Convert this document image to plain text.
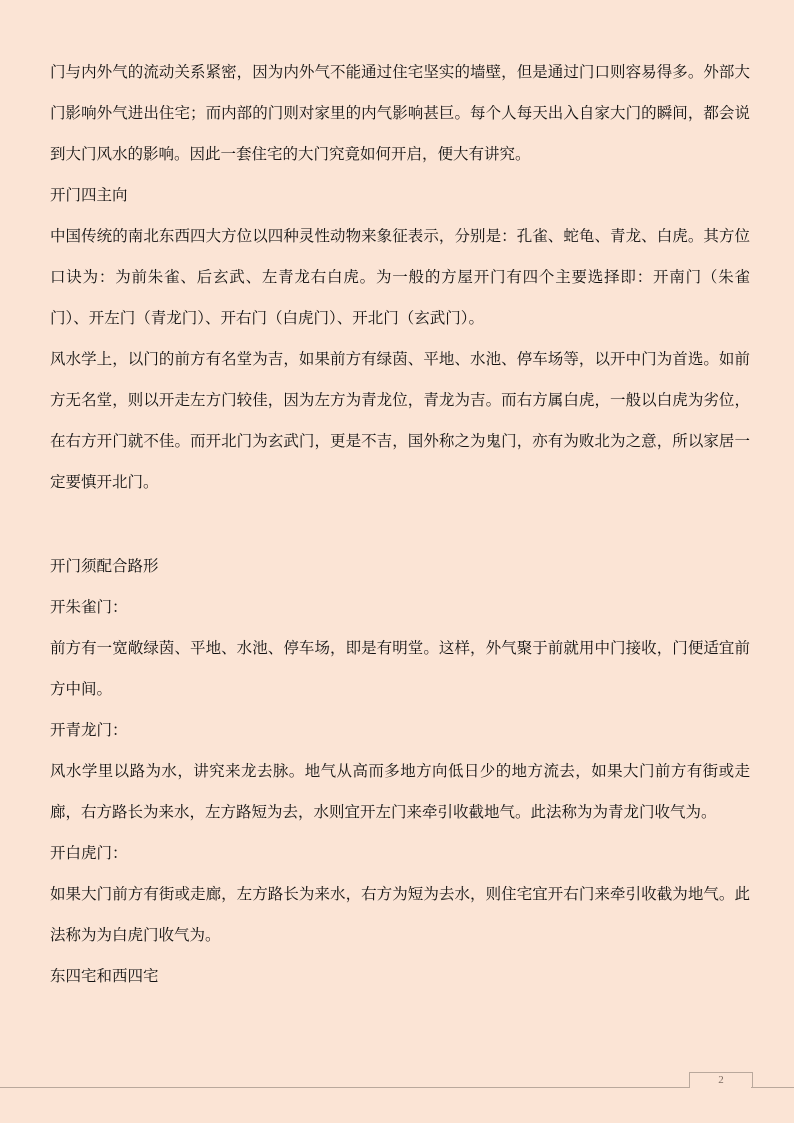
门与内外气的流动关系紧密，因为内外气不能通过住宅坚实的墙壁，但是通过门口则容易得多。外部大门影响外气进出住宅；而内部的门则对家里的内气影响甚巨。每个人每天出入自家大门的瞬间，都会说到大门风水的影响。因此一套住宅的大门究竟如何开启，便大有讲究。

开门四主向

中国传统的南北东西四大方位以四种灵性动物来象征表示，分别是：孔雀、蛇龟、青龙、白虎。其方位口诀为：为前朱雀、后玄武、左青龙右白虎。为一般的方屋开门有四个主要选择即：开南门（朱雀门）、开左门（青龙门）、开右门（白虎门）、开北门（玄武门）。

风水学上，以门的前方有名堂为吉，如果前方有绿茵、平地、水池、停车场等，以开中门为首选。如前方无名堂，则以开走左方门较佳，因为左方为青龙位，青龙为吉。而右方属白虎，一般以白虎为劣位，在右方开门就不佳。而开北门为玄武门，更是不吉，国外称之为鬼门，亦有为败北为之意，所以家居一定要慎开北门。

开门须配合路形

开朱雀门：

前方有一宽敞绿茵、平地、水池、停车场，即是有明堂。这样，外气聚于前就用中门接收，门便适宜前方中间。

开青龙门：

风水学里以路为水，讲究来龙去脉。地气从高而多地方向低日少的地方流去，如果大门前方有街或走廊，右方路长为来水，左方路短为去，水则宜开左门来牵引收截地气。此法称为为青龙门收气为。

开白虎门：

如果大门前方有街或走廊，左方路长为来水，右方为短为去水，则住宅宜开右门来牵引收截为地气。此法称为为白虎门收气为。

东四宅和西四宅

2
